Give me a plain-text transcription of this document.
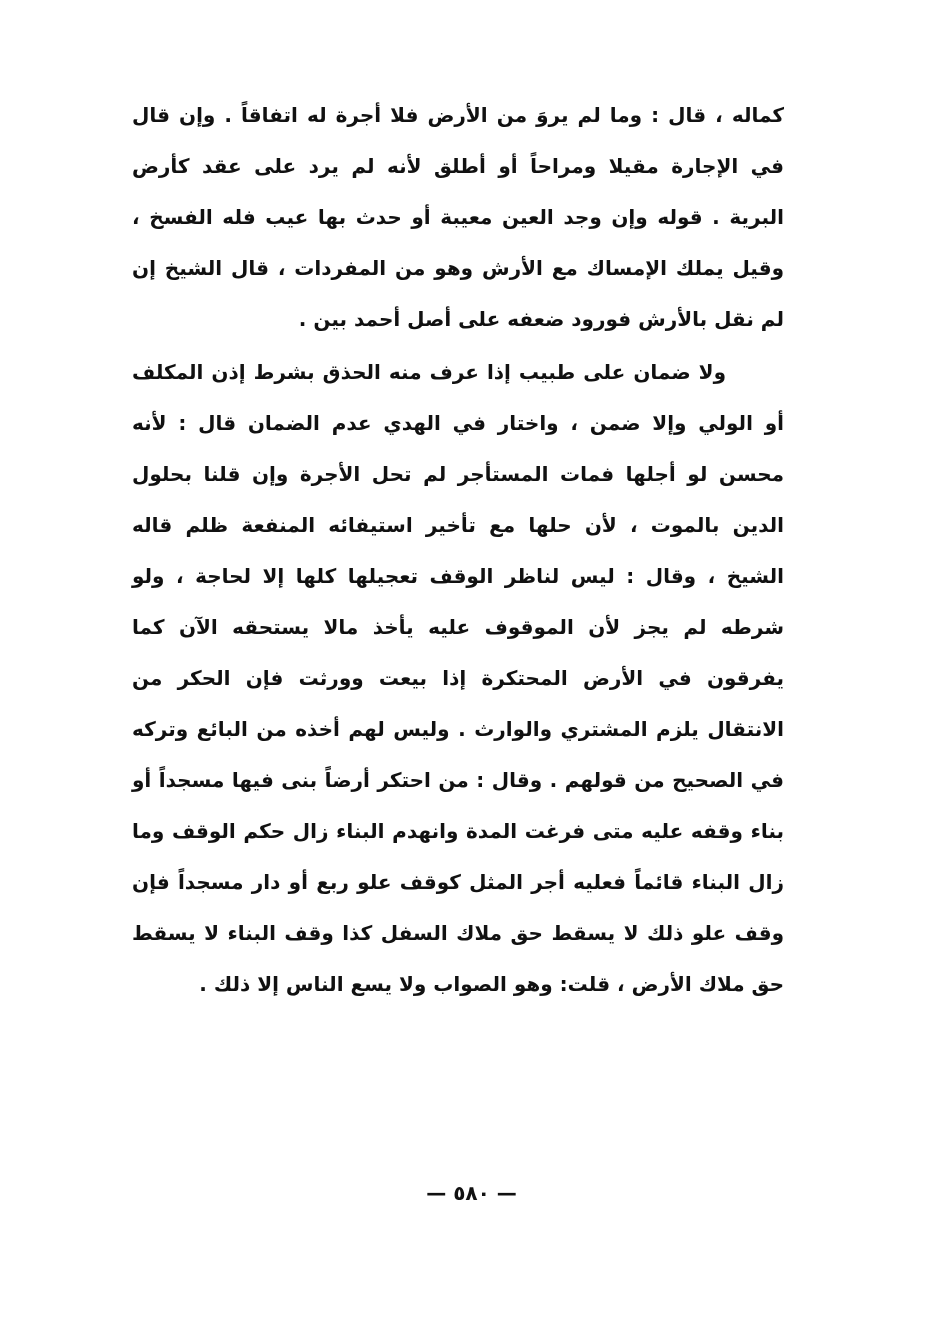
كماله ، قال : وما لم يروَ من الأرض فلا أجرة له اتفاقاً . وإن قال في الإجارة مقيلا ومراحاً أو أطلق لأنه لم يرد على عقد كأرض البرية . قوله وإن وجد العين معيبة أو حدث بها عيب فله الفسخ ، وقيل يملك الإمساك مع الأرش وهو من المفردات ، قال الشيخ إن لم نقل بالأرش فورود ضعفه على أصل أحمد بين .
ولا ضمان على طبيب إذا عرف منه الحذق بشرط إذن المكلف أو الولي وإلا ضمن ، واختار في الهدي عدم الضمان قال : لأنه محسن لو أجلها فمات المستأجر لم تحل الأجرة وإن قلنا بحلول الدين بالموت ، لأن حلها مع تأخير استيفائه المنفعة ظلم قاله الشيخ ، وقال : ليس لناظر الوقف تعجيلها كلها إلا لحاجة ، ولو شرطه لم يجز لأن الموقوف عليه يأخذ مالا يستحقه الآن كما يفرقون في الأرض المحتكرة إذا بيعت وورثت فإن الحكر من الانتقال يلزم المشتري والوارث . وليس لهم أخذه من البائع وتركه في الصحيح من قولهم . وقال : من احتكر أرضاً بنى فيها مسجداً أو بناء وقفه عليه متى فرغت المدة وانهدم البناء زال حكم الوقف وما زال البناء قائماً فعليه أجر المثل كوقف علو ربع أو دار مسجداً فإن وقف علو ذلك لا يسقط حق ملاك السفل كذا وقف البناء لا يسقط حق ملاك الأرض ، قلت: وهو الصواب ولا يسع الناس إلا ذلك .
— ٥٨٠ —
